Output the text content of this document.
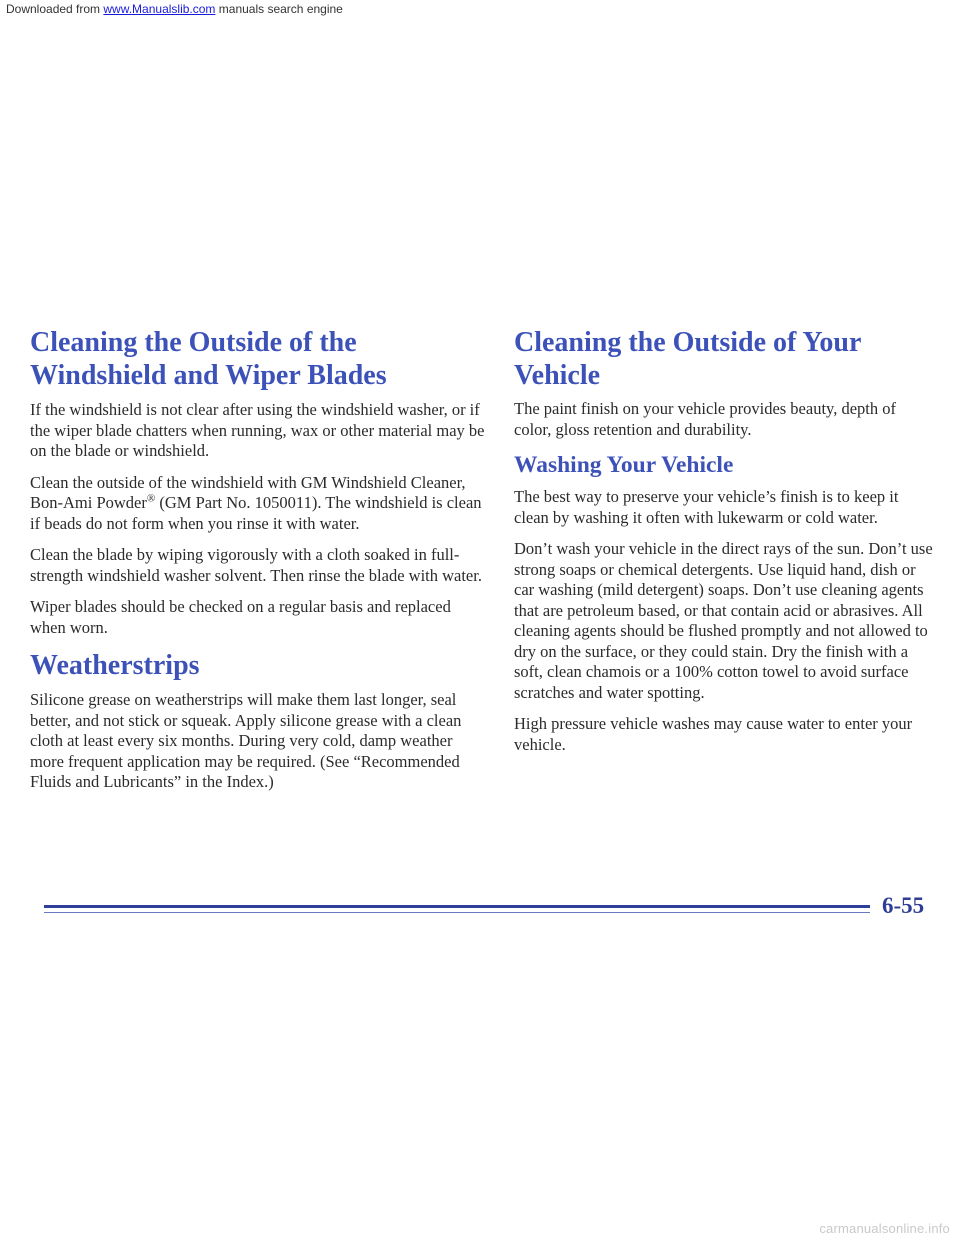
Downloaded from www.Manualslib.com manuals search engine
Cleaning the Outside of the
Windshield and Wiper Blades

If the windshield is not clear after using the windshield washer, or if the wiper blade chatters when running, wax or other material may be on the blade or windshield.

Clean the outside of the windshield with GM Windshield Cleaner, Bon-Ami Powder® (GM Part No. 1050011). The windshield is clean if beads do not form when you rinse it with water.

Clean the blade by wiping vigorously with a cloth soaked in full-strength windshield washer solvent. Then rinse the blade with water.

Wiper blades should be checked on a regular basis and replaced when worn.

Weatherstrips

Silicone grease on weatherstrips will make them last longer, seal better, and not stick or squeak. Apply silicone grease with a clean cloth at least every six months. During very cold, damp weather more frequent application may be required. (See “Recommended Fluids and Lubricants” in the Index.)

Cleaning the Outside of Your Vehicle

The paint finish on your vehicle provides beauty, depth of color, gloss retention and durability.

Washing Your Vehicle

The best way to preserve your vehicle’s finish is to keep it clean by washing it often with lukewarm or cold water.

Don’t wash your vehicle in the direct rays of the sun. Don’t use strong soaps or chemical detergents. Use liquid hand, dish or car washing (mild detergent) soaps. Don’t use cleaning agents that are petroleum based, or that contain acid or abrasives. All cleaning agents should be flushed promptly and not allowed to dry on the surface, or they could stain. Dry the finish with a soft, clean chamois or a 100% cotton towel to avoid surface scratches and water spotting.

High pressure vehicle washes may cause water to enter your vehicle.

6-55
carmanualsonline.info
